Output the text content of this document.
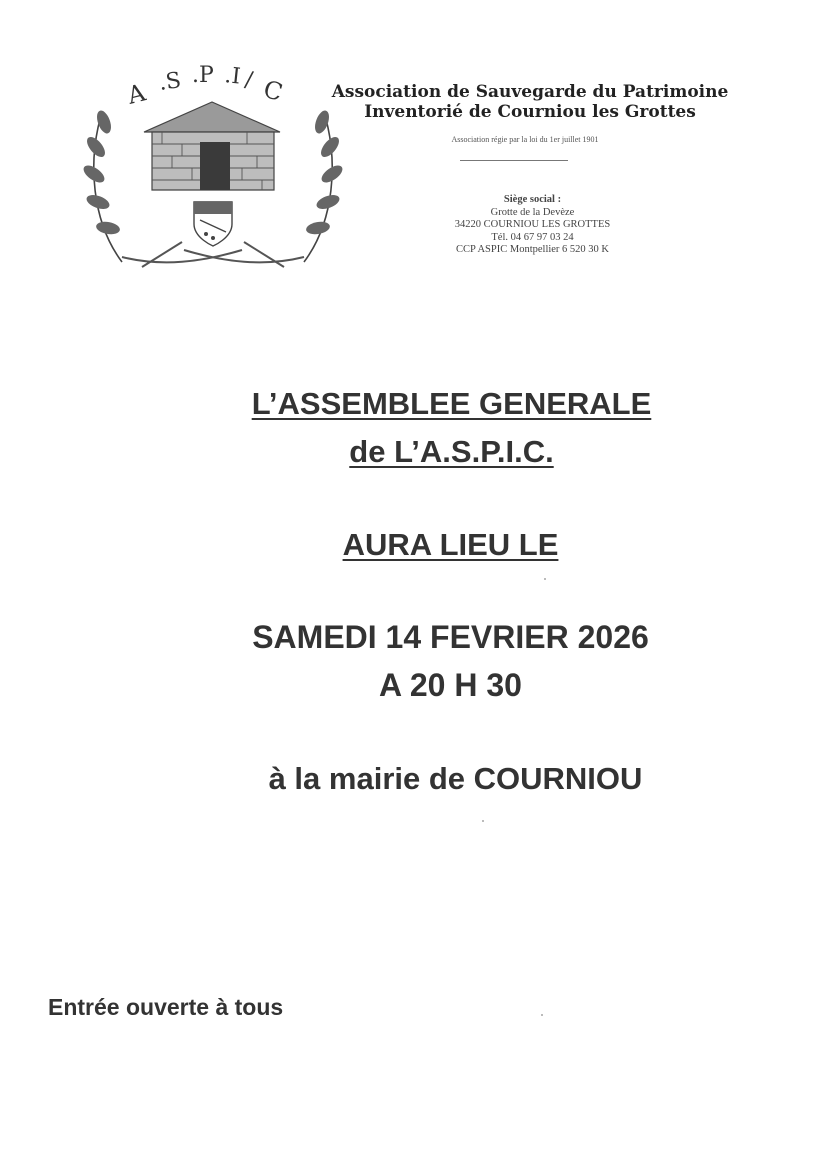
A .S .P .I / C	Association de Sauvegarde du Patrimoine
Inventorié de Courniou les Grottes
Association régie par la loi du 1er juillet 1901
Siège social :
Grotte de la Devèze
34220 COURNIOU LES GROTTES
Tél. 04 67 97 03 24
CCP ASPIC Montpellier 6 520 30 K
L’ASSEMBLEE GENERALE
de L’A.S.P.I.C.
AURA LIEU LE
SAMEDI 14 FEVRIER 2026
A 20 H 30
à la mairie de COURNIOU
Entrée ouverte à tous
